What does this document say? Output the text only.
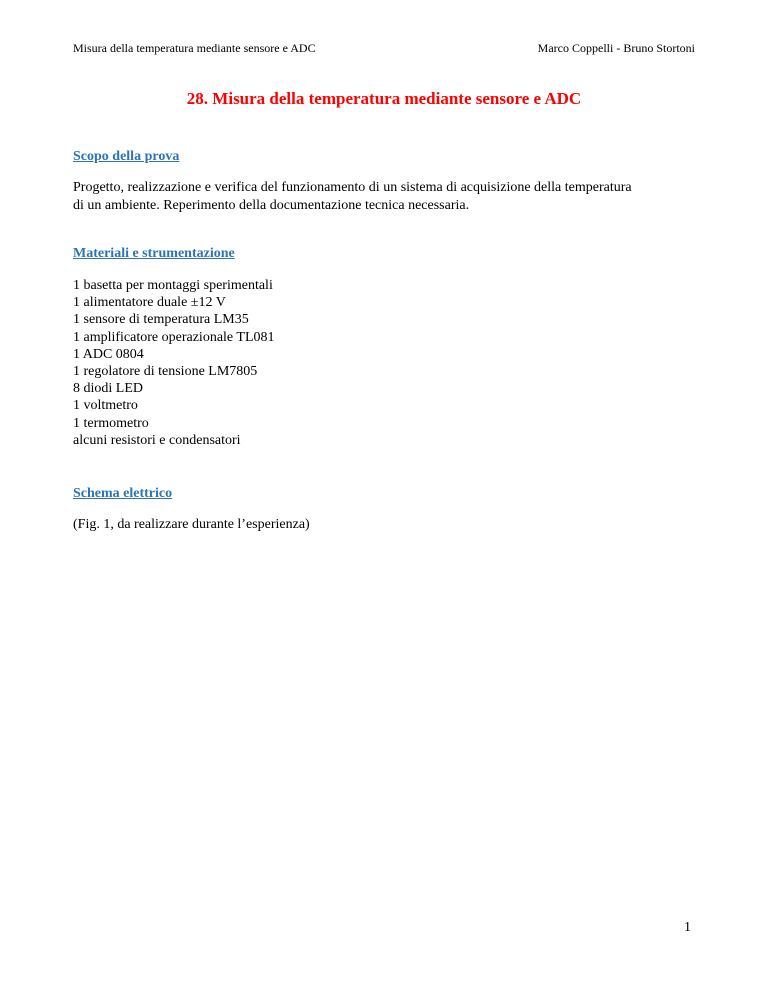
Misura della temperatura mediante sensore e ADC	Marco Coppelli - Bruno Stortoni
28. Misura della temperatura mediante sensore e ADC
Scopo della prova
Progetto, realizzazione e verifica del funzionamento di un sistema di acquisizione della temperatura
di un ambiente. Reperimento della documentazione tecnica necessaria.
Materiali e strumentazione
1 basetta per montaggi sperimentali
1 alimentatore duale ±12 V
1 sensore di temperatura LM35
1 amplificatore operazionale TL081
1 ADC 0804
1 regolatore di tensione LM7805
8 diodi LED
1 voltmetro
1 termometro
alcuni resistori e condensatori
Schema elettrico
(Fig. 1, da realizzare durante l’esperienza)
1
